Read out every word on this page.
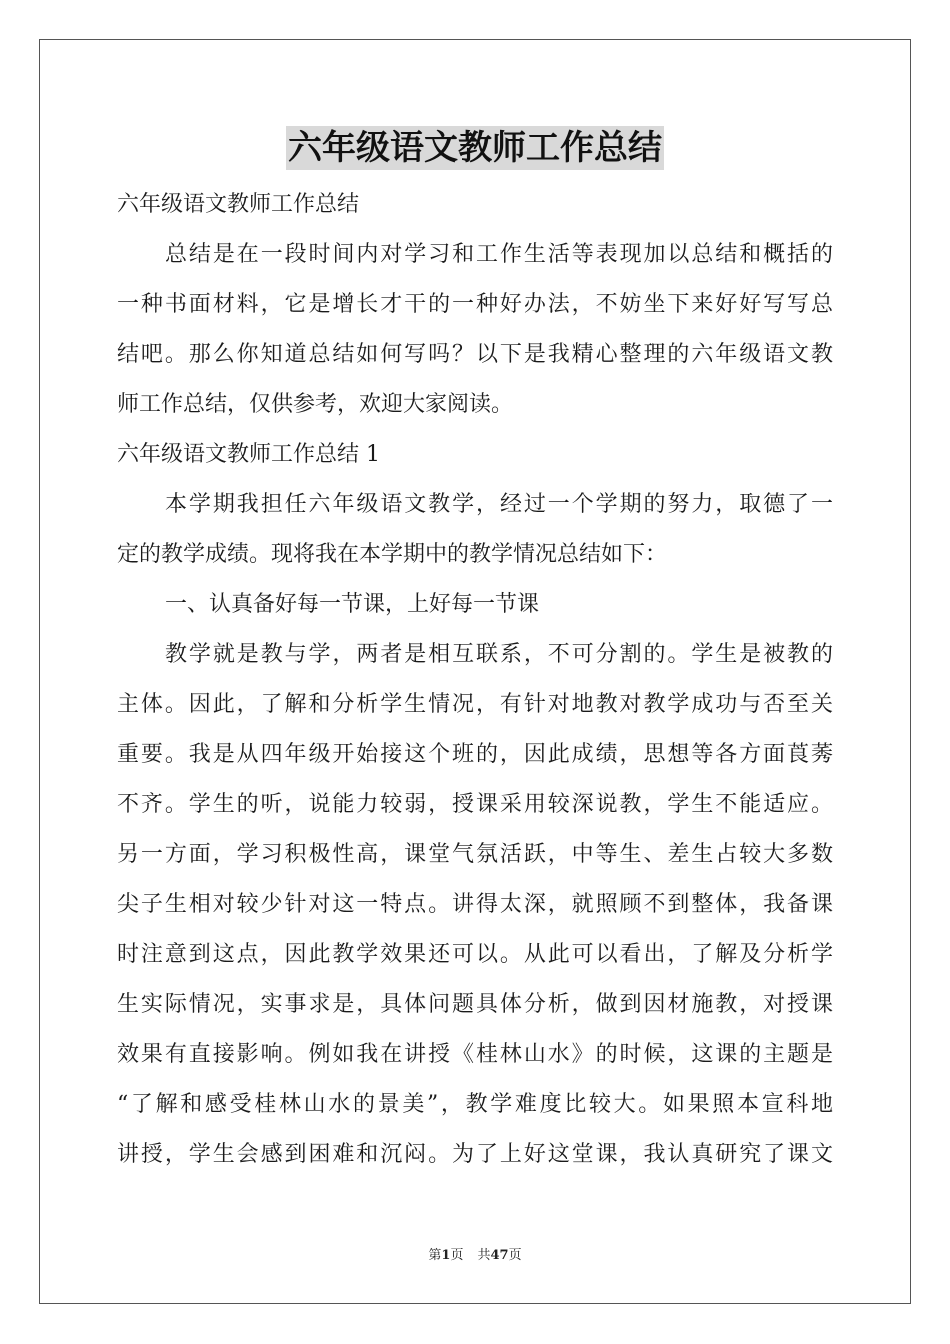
六年级语文教师工作总结
六年级语文教师工作总结
总结是在一段时间内对学习和工作生活等表现加以总结和概括的
一种书面材料，它是增长才干的一种好办法，不妨坐下来好好写写总
结吧。那么你知道总结如何写吗？以下是我精心整理的六年级语文教
师工作总结，仅供参考，欢迎大家阅读。
六年级语文教师工作总结 1
本学期我担任六年级语文教学，经过一个学期的努力，取德了一
定的教学成绩。现将我在本学期中的教学情况总结如下：
一、认真备好每一节课，上好每一节课
教学就是教与学，两者是相互联系，不可分割的。学生是被教的
主体。因此，了解和分析学生情况，有针对地教对教学成功与否至关
重要。我是从四年级开始接这个班的，因此成绩，思想等各方面莨莠
不齐。学生的听，说能力较弱，授课采用较深说教，学生不能适应。
另一方面，学习积极性高，课堂气氛活跃，中等生、差生占较大多数
尖子生相对较少针对这一特点。讲得太深，就照顾不到整体，我备课
时注意到这点，因此教学效果还可以。从此可以看出，了解及分析学
生实际情况，实事求是，具体问题具体分析，做到因材施教，对授课
效果有直接影响。例如我在讲授《桂林山水》的时候，这课的主题是
“了解和感受桂林山水的景美”，教学难度比较大。如果照本宣科地
讲授，学生会感到困难和沉闷。为了上好这堂课，我认真研究了课文
第1页 共47页
